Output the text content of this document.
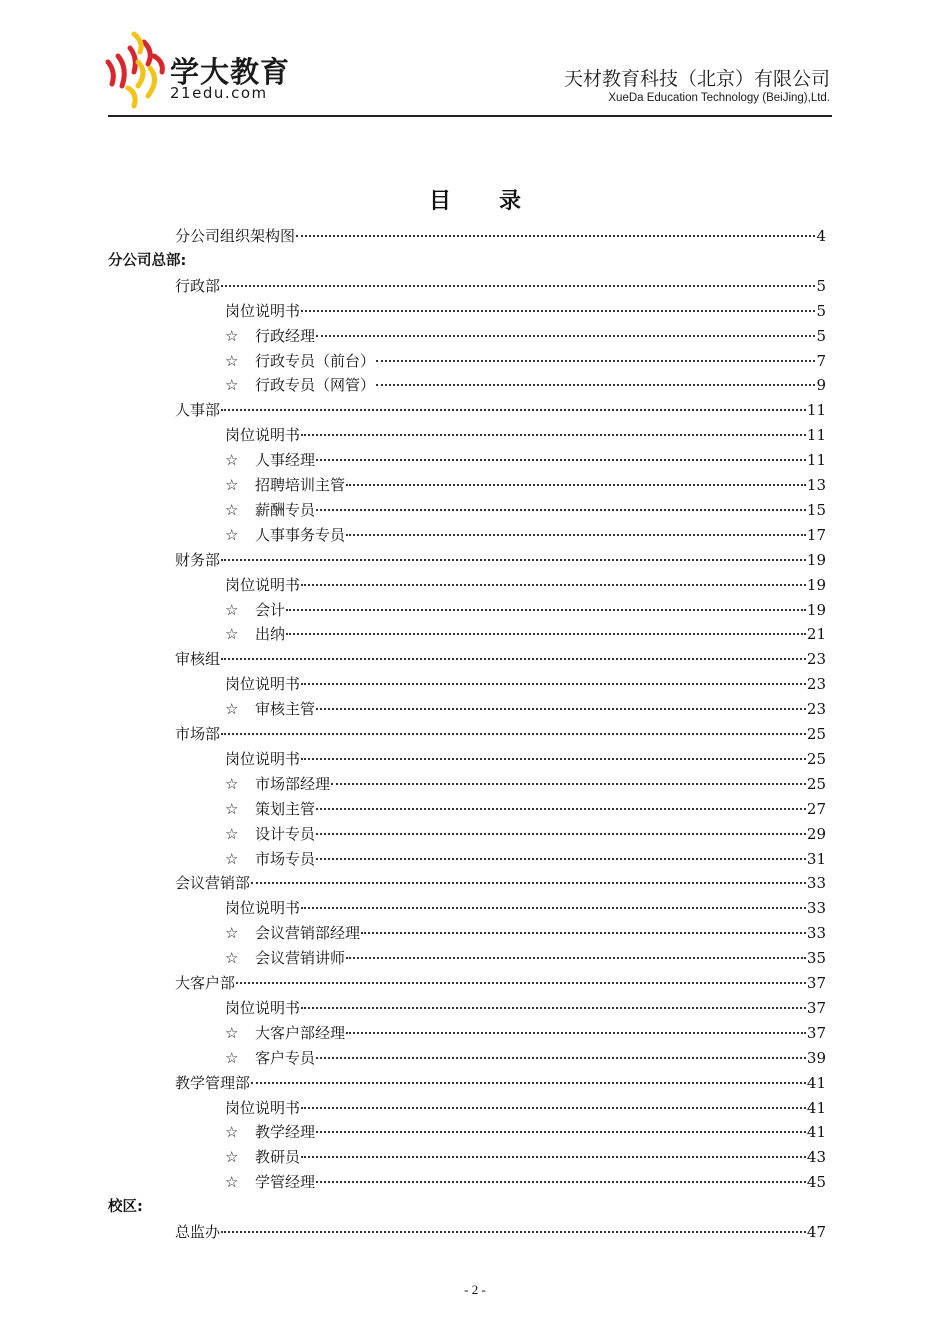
学大教育
21edu.com
天材教育科技（北京）有限公司
XueDa Education Technology (BeiJing),Ltd.
目 录
分公司组织架构图	4
分公司总部:
行政部	5
岗位说明书	5
☆	行政经理	5
☆	行政专员（前台）	7
☆	行政专员（网管）	9
人事部	11
岗位说明书	11
☆	人事经理	11
☆	招聘培训主管	13
☆	薪酬专员	15
☆	人事事务专员	17
财务部	19
岗位说明书	19
☆	会计	19
☆	出纳	21
审核组	23
岗位说明书	23
☆	审核主管	23
市场部	25
岗位说明书	25
☆	市场部经理	25
☆	策划主管	27
☆	设计专员	29
☆	市场专员	31
会议营销部	33
岗位说明书	33
☆	会议营销部经理	33
☆	会议营销讲师	35
大客户部	37
岗位说明书	37
☆	大客户部经理	37
☆	客户专员	39
教学管理部	41
岗位说明书	41
☆	教学经理	41
☆	教研员	43
☆	学管经理	45
校区:
总监办	47
- 2 -
